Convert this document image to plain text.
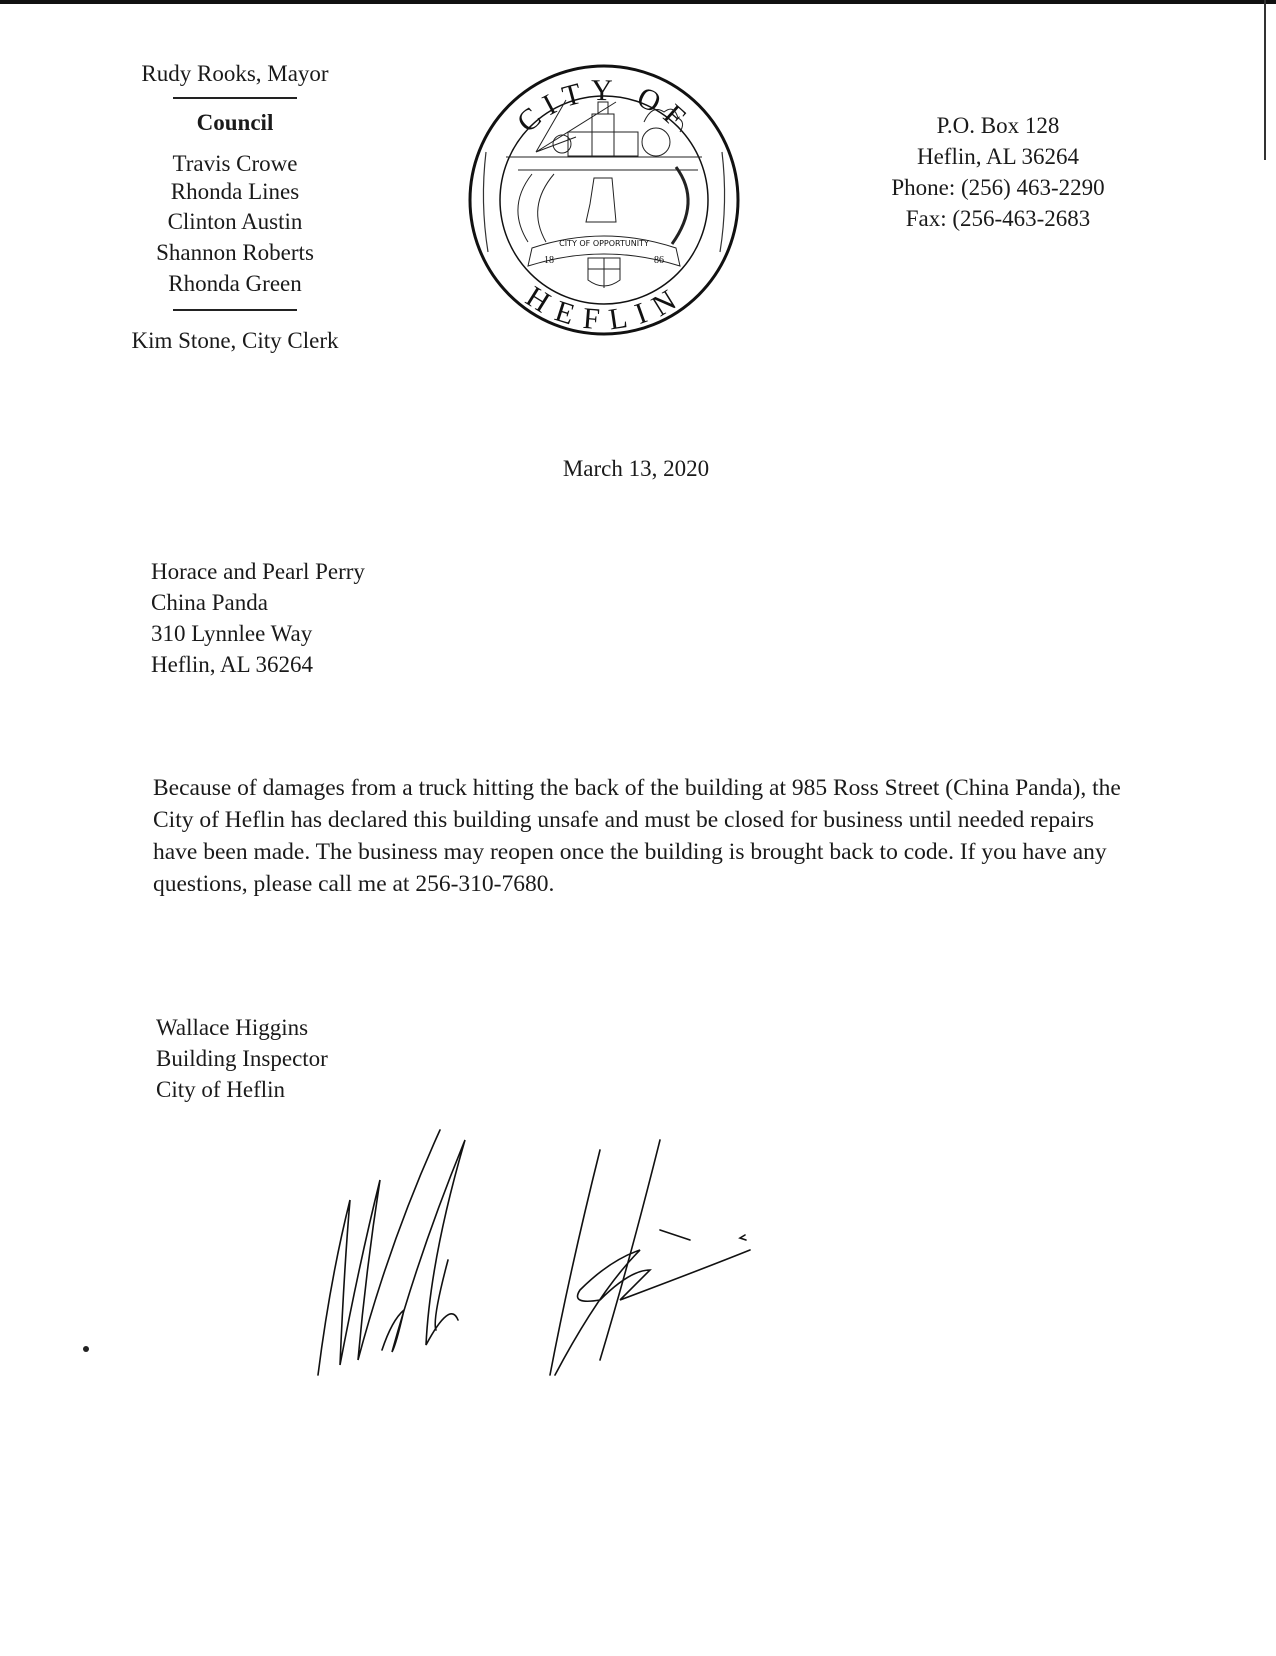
Rudy Rooks, Mayor
Council
Travis Crowe
Rhonda Lines
Clinton Austin
Shannon Roberts
Rhonda Green
Kim Stone, City Clerk
CITY OF
HEFLIN
CITY OF OPPORTUNITY
18	86
P.O. Box 128
Heflin, AL 36264
Phone: (256) 463-2290
Fax: (256-463-2683
March 13, 2020
Horace and Pearl Perry
China Panda
310 Lynnlee Way
Heflin, AL 36264
Because of damages from a truck hitting the back of the building at 985 Ross Street (China Panda), the City of Heflin has declared this building unsafe and must be closed for business until needed repairs have been made. The business may reopen once the building is brought back to code. If you have any questions, please call me at 256-310-7680.
Wallace Higgins
Building Inspector
City of Heflin
